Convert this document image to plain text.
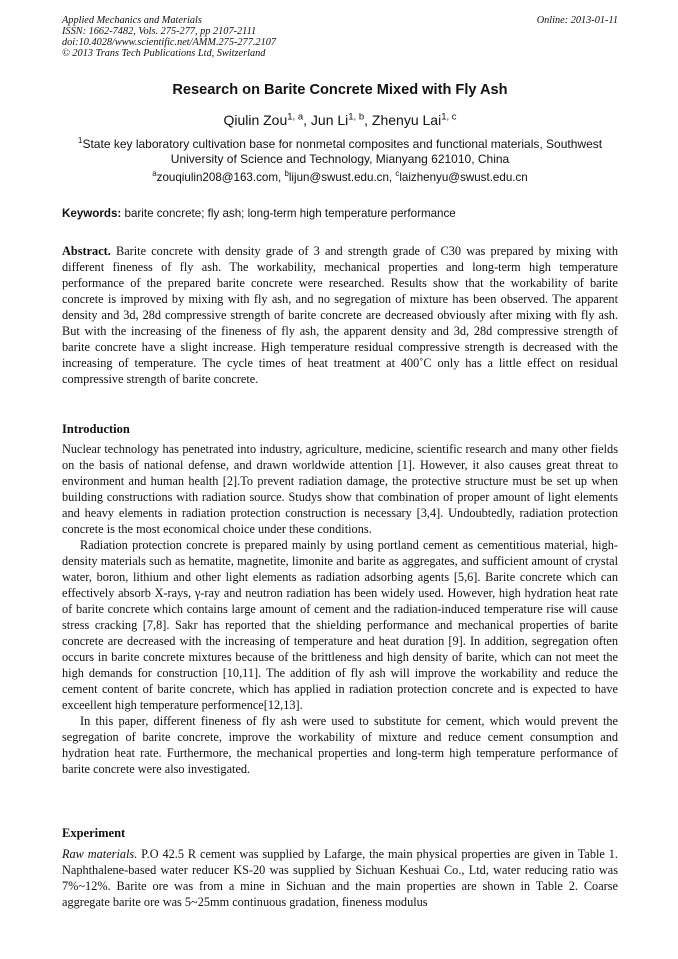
Applied Mechanics and Materials
ISSN: 1662-7482, Vols. 275-277, pp 2107-2111
doi:10.4028/www.scientific.net/AMM.275-277.2107
© 2013 Trans Tech Publications Ltd, Switzerland
Online: 2013-01-11
Research on Barite Concrete Mixed with Fly Ash
Qiulin Zou$^{1, a}$, Jun Li$^{1, b}$, Zhenyu Lai$^{1, c}$
$^1$State key laboratory cultivation base for nonmetal composites and functional materials, Southwest University of Science and Technology, Mianyang 621010, China
$^a$zouqiulin208@163.com, $^b$lijun@swust.edu.cn, $^c$laizhenyu@swust.edu.cn
Keywords: barite concrete; fly ash; long-term high temperature performance

Abstract. Barite concrete with density grade of 3 and strength grade of C30 was prepared by mixing with different fineness of fly ash. The workability, mechanical properties and long-term high temperature performance of the prepared barite concrete were researched. Results show that the workability of barite concrete is improved by mixing with fly ash, and no segregation of mixture has been observed. The apparent density and 3d, 28d compressive strength of barite concrete are decreased obviously after mixing with fly ash. But with the increasing of the fineness of fly ash, the apparent density and 3d, 28d compressive strength of barite concrete have a slight increase. High temperature residual compressive strength is decreased with the increasing of temperature. The cycle times of heat treatment at 400˚C only has a little effect on residual compressive strength of barite concrete.

Introduction

Nuclear technology has penetrated into industry, agriculture, medicine, scientific research and many other fields on the basis of national defense, and drawn worldwide attention [1]. However, it also causes great threat to environment and human health [2].To prevent radiation damage, the protective structure must be set up when building constructions with radiation source. Studys show that combination of proper amount of light elements and heavy elements in radiation protection construction is necessary [3,4]. Undoubtedly, radiation protection concrete is the most economical choice under these conditions.

Radiation protection concrete is prepared mainly by using portland cement as cementitious material, high-density materials such as hematite, magnetite, limonite and barite as aggregates, and sufficient amount of crystal water, boron, lithium and other light elements as radiation adsorbing agents [5,6]. Barite concrete which can effectively absorb X-rays, γ-ray and neutron radiation has been widely used. However, high hydration heat rate of barite concrete which contains large amount of cement and the radiation-induced temperature rise will cause stress cracking [7,8]. Sakr has reported that the shielding performance and mechanical properties of barite concrete are decreased with the increasing of temperature and heat duration [9]. In addition, segregation often occurs in barite concrete mixtures because of the brittleness and high density of barite, which can not meet the high demands for construction [10,11]. The addition of fly ash will improve the workability and reduce the cement content of barite concrete, which has applied in radiation protection concrete and is expected to have exceellent high temperature performence[12,13].

In this paper, different fineness of fly ash were used to substitute for cement, which would prevent the segregation of barite concrete, improve the workability of mixture and reduce cement consumption and hydration heat rate. Furthermore, the mechanical properties and long-term high temperature performance of barite concrete were also investigated.

Experiment

Raw materials. P.O 42.5 R cement was supplied by Lafarge, the main physical properties are given in Table 1. Naphthalene-based water reducer KS-20 was supplied by Sichuan Keshuai Co., Ltd, water reducing ratio was 7%~12%. Barite ore was from a mine in Sichuan and the main properties are shown in Table 2. Coarse aggregate barite ore was 5~25mm continuous gradation, fineness modulus
